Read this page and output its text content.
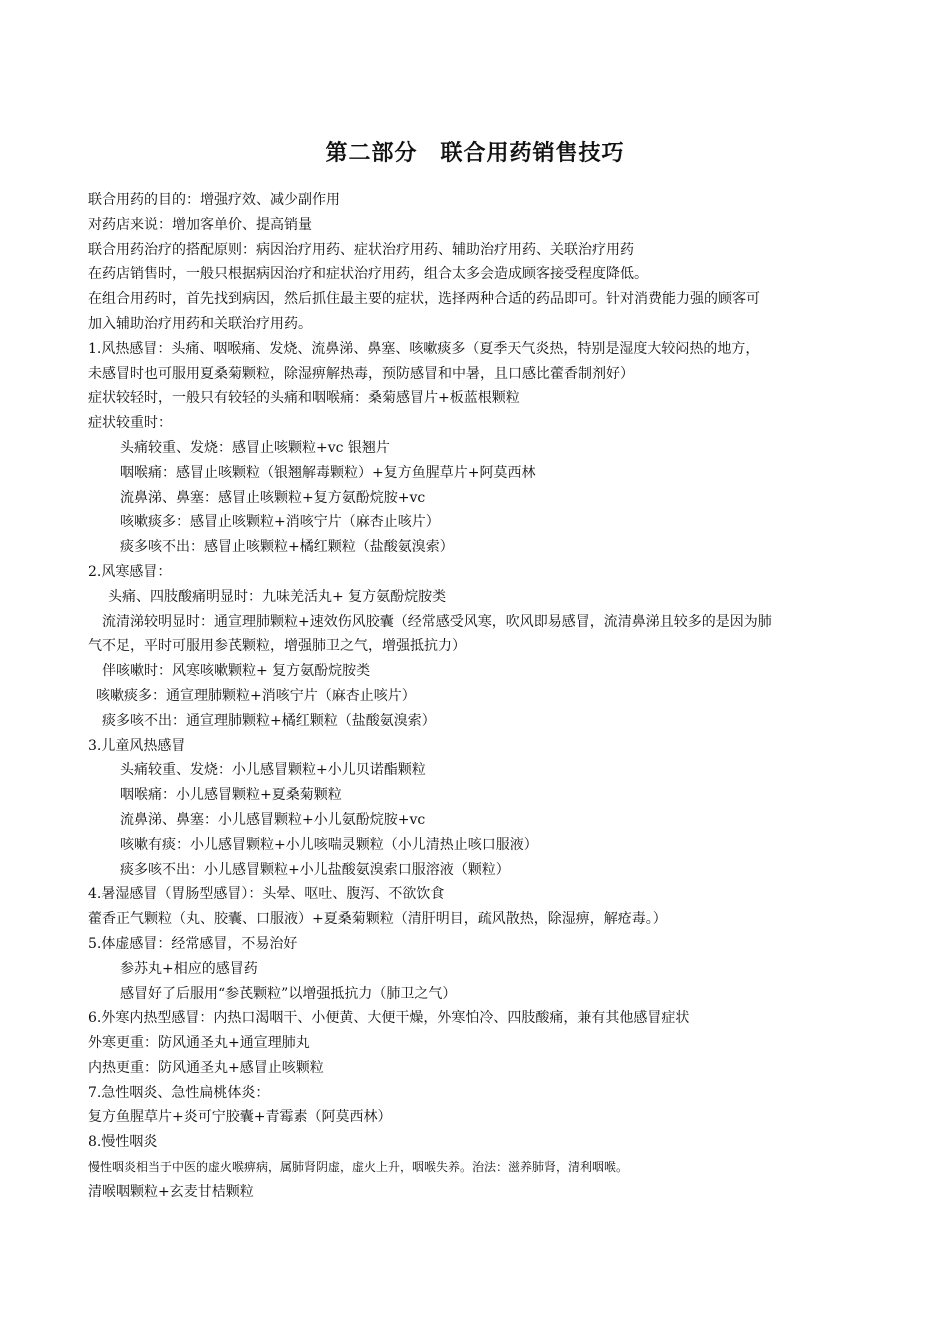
第二部分　联合用药销售技巧
联合用药的目的：增强疗效、减少副作用
对药店来说：增加客单价、提高销量
联合用药治疗的搭配原则：病因治疗用药、症状治疗用药、辅助治疗用药、关联治疗用药
在药店销售时，一般只根据病因治疗和症状治疗用药，组合太多会造成顾客接受程度降低。
在组合用药时，首先找到病因，然后抓住最主要的症状，选择两种合适的药品即可。针对消费能力强的顾客可
加入辅助治疗用药和关联治疗用药。
1.风热感冒：头痛、咽喉痛、发烧、流鼻涕、鼻塞、咳嗽痰多（夏季天气炎热，特别是湿度大较闷热的地方，
未感冒时也可服用夏桑菊颗粒，除湿痹解热毒，预防感冒和中暑，且口感比藿香制剂好）
症状较轻时，一般只有较轻的头痛和咽喉痛：桑菊感冒片+板蓝根颗粒
症状较重时：
头痛较重、发烧：感冒止咳颗粒+vc 银翘片
咽喉痛：感冒止咳颗粒（银翘解毒颗粒）+复方鱼腥草片+阿莫西林
流鼻涕、鼻塞：感冒止咳颗粒+复方氨酚烷胺+vc
咳嗽痰多：感冒止咳颗粒+消咳宁片（麻杏止咳片）
痰多咳不出：感冒止咳颗粒+橘红颗粒（盐酸氨溴索）
2.风寒感冒：
头痛、四肢酸痛明显时：九味羌活丸+ 复方氨酚烷胺类
流清涕较明显时：通宣理肺颗粒+速效伤风胶囊（经常感受风寒，吹风即易感冒，流清鼻涕且较多的是因为肺
气不足，平时可服用参芪颗粒，增强肺卫之气，增强抵抗力）
伴咳嗽时：风寒咳嗽颗粒+ 复方氨酚烷胺类
咳嗽痰多：通宣理肺颗粒+消咳宁片（麻杏止咳片）
痰多咳不出：通宣理肺颗粒+橘红颗粒（盐酸氨溴索）
3.儿童风热感冒
头痛较重、发烧：小儿感冒颗粒+小儿贝诺酯颗粒
咽喉痛：小儿感冒颗粒+夏桑菊颗粒
流鼻涕、鼻塞：小儿感冒颗粒+小儿氨酚烷胺+vc
咳嗽有痰：小儿感冒颗粒+小儿咳喘灵颗粒（小儿清热止咳口服液）
痰多咳不出：小儿感冒颗粒+小儿盐酸氨溴索口服溶液（颗粒）
4.暑湿感冒（胃肠型感冒）：头晕、呕吐、腹泻、不欲饮食
藿香正气颗粒（丸、胶囊、口服液）+夏桑菊颗粒（清肝明目，疏风散热，除湿痹，解疮毒。）
5.体虚感冒：经常感冒，不易治好
参苏丸+相应的感冒药
感冒好了后服用“参芪颗粒”以增强抵抗力（肺卫之气）
6.外寒内热型感冒：内热口渴咽干、小便黄、大便干燥，外寒怕冷、四肢酸痛，兼有其他感冒症状
外寒更重：防风通圣丸+通宣理肺丸
内热更重：防风通圣丸+感冒止咳颗粒
7.急性咽炎、急性扁桃体炎：
复方鱼腥草片+炎可宁胶囊+青霉素（阿莫西林）
8.慢性咽炎
慢性咽炎相当于中医的虚火喉痹病，属肺肾阴虚，虚火上升，咽喉失养。治法：滋养肺肾，清利咽喉。
清喉咽颗粒+玄麦甘桔颗粒
